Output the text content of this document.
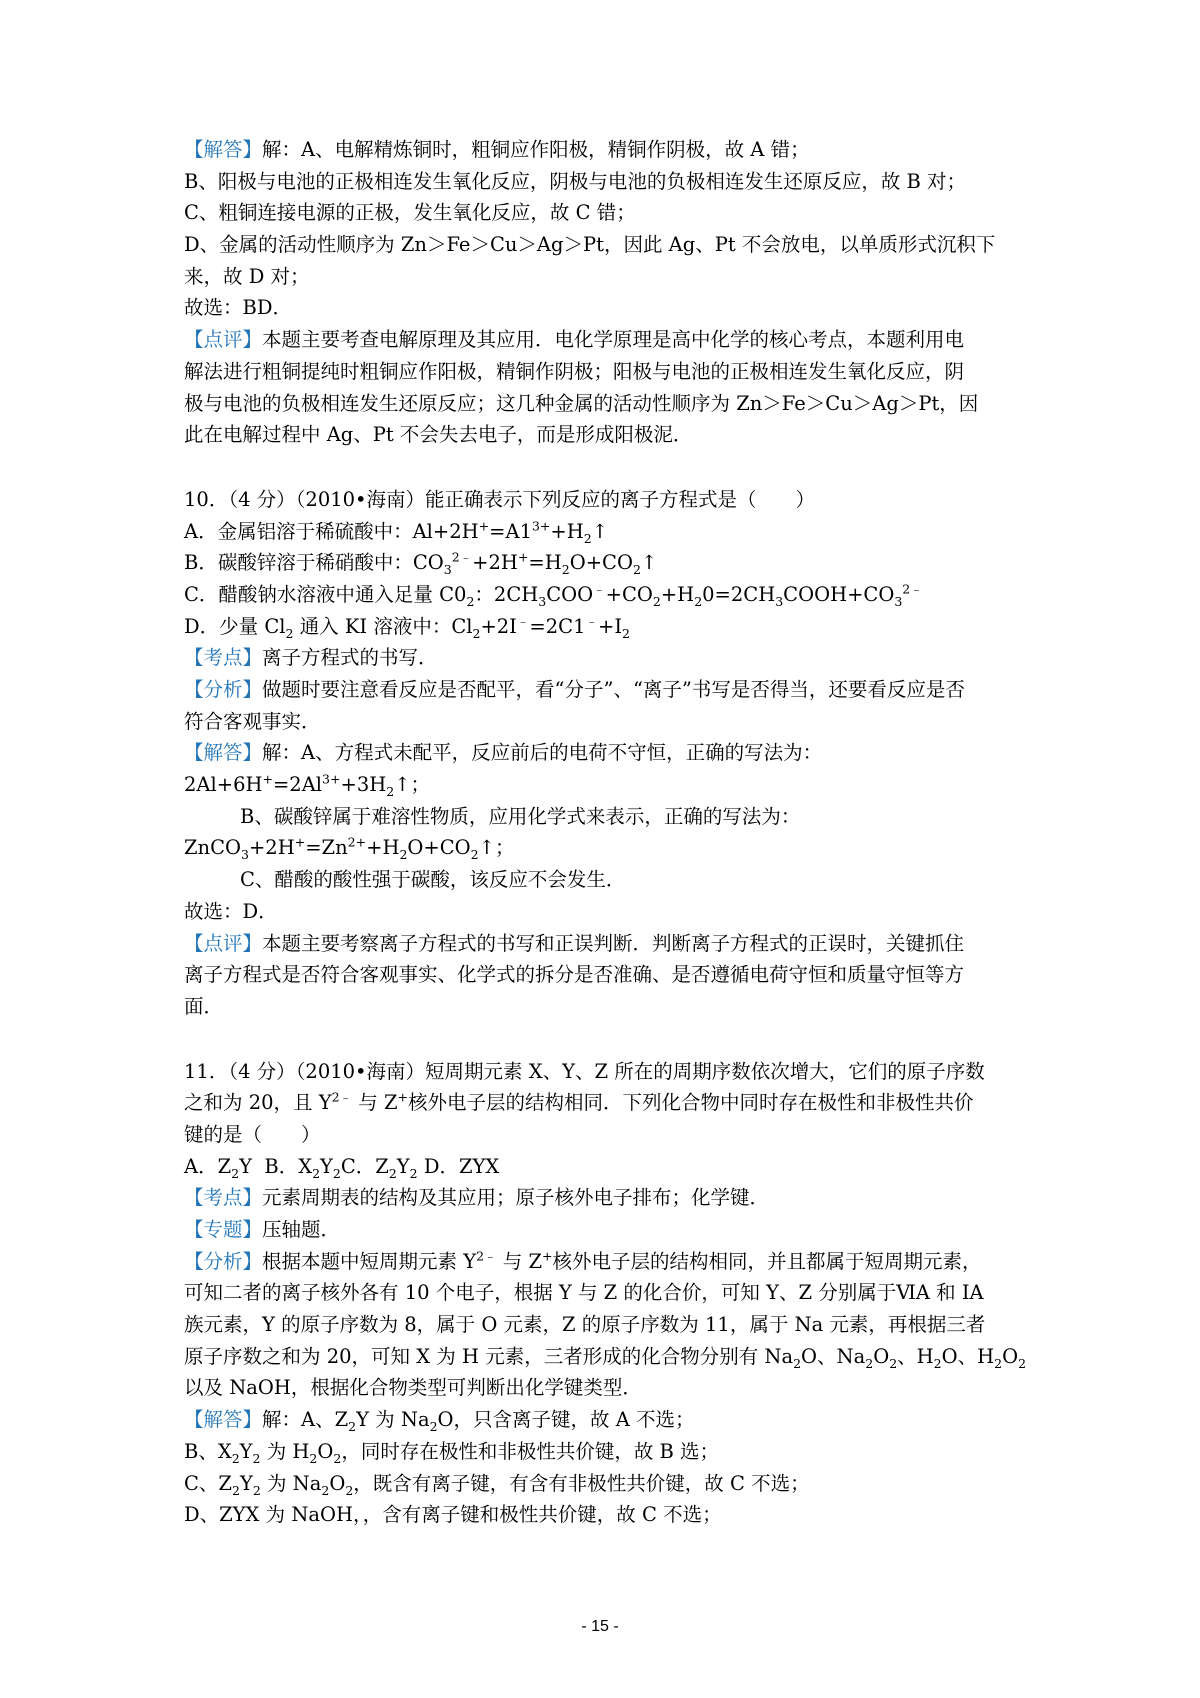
【解答】解：A、电解精炼铜时，粗铜应作阳极，精铜作阴极，故 A 错；
B、阳极与电池的正极相连发生氧化反应，阴极与电池的负极相连发生还原反应，故 B 对；
C、粗铜连接电源的正极，发生氧化反应，故 C 错；
D、金属的活动性顺序为 Zn＞Fe＞Cu＞Ag＞Pt，因此 Ag、Pt 不会放电，以单质形式沉积下
来，故 D 对；
故选：BD．
【点评】本题主要考查电解原理及其应用．电化学原理是高中化学的核心考点，本题利用电
解法进行粗铜提纯时粗铜应作阳极，精铜作阴极；阳极与电池的正极相连发生氧化反应，阴
极与电池的负极相连发生还原反应；这几种金属的活动性顺序为 Zn＞Fe＞Cu＞Ag＞Pt，因
此在电解过程中 Ag、Pt 不会失去电子，而是形成阳极泥．
10．（4 分）（2010•海南）能正确表示下列反应的离子方程式是（　　）
A．金属铝溶于稀硫酸中：$Al+2H^+=A1^{3+}+H_2↑$
B．碳酸锌溶于稀硝酸中：$CO_3^{2﹣}+2H^+=H_2O+CO_2↑$
C．醋酸钠水溶液中通入足量 $C0_2$：$2CH_3COO^﹣+CO_2+H_20=2CH_3COOH+CO_3^{2﹣}$
D．少量 $Cl_2$ 通入 KI 溶液中：$Cl_2+2I^﹣=2C1^﹣+I_2$
【考点】离子方程式的书写．
【分析】做题时要注意看反应是否配平，看“分子”、“离子”书写是否得当，还要看反应是否
符合客观事实．
【解答】解：A、方程式未配平，反应前后的电荷不守恒，正确的写法为：
$2Al+6H^+=2Al^{3+}+3H_2↑$；
B、碳酸锌属于难溶性物质，应用化学式来表示，正确的写法为：
$ZnCO_3+2H^+=Zn^{2+}+H_2O+CO_2↑$；
C、醋酸的酸性强于碳酸，该反应不会发生．
故选：D．
【点评】本题主要考察离子方程式的书写和正误判断．判断离子方程式的正误时，关键抓住
离子方程式是否符合客观事实、化学式的拆分是否准确、是否遵循电荷守恒和质量守恒等方
面．
11．（4 分）（2010•海南）短周期元素 X、Y、Z 所在的周期序数依次增大，它们的原子序数
之和为 20，且 $Y^{2﹣}$ 与 Z+核外电子层的结构相同．下列化合物中同时存在极性和非极性共价
键的是（　　）
A．$Z_2Y$  B．$X_2Y_2C$．$Z_2Y_2$ D．ZYX
【考点】元素周期表的结构及其应用；原子核外电子排布；化学键．
【专题】压轴题．
【分析】根据本题中短周期元素 $Y^{2﹣}$ 与 Z+核外电子层的结构相同，并且都属于短周期元素，
可知二者的离子核外各有 10 个电子，根据 Y 与 Z 的化合价，可知 Y、Z 分别属于ⅥA 和 IA
族元素，Y 的原子序数为 8，属于 O 元素，Z 的原子序数为 11，属于 Na 元素，再根据三者
原子序数之和为 20，可知 X 为 H 元素，三者形成的化合物分别有 $Na_2O$、$Na_2O_2$、$H_2O$、$H_2O_2$
以及 NaOH，根据化合物类型可判断出化学键类型．
【解答】解：A、$Z_2Y$ 为 $Na_2O$，只含离子键，故 A 不选；
B、$X_2Y_2$ 为 $H_2O_2$，同时存在极性和非极性共价键，故 B 选；
C、$Z_2Y_2$ 为 $Na_2O_2$，既含有离子键，有含有非极性共价键，故 C 不选；
D、ZYX 为 NaOH，，含有离子键和极性共价键，故 C 不选；
- 15 -
